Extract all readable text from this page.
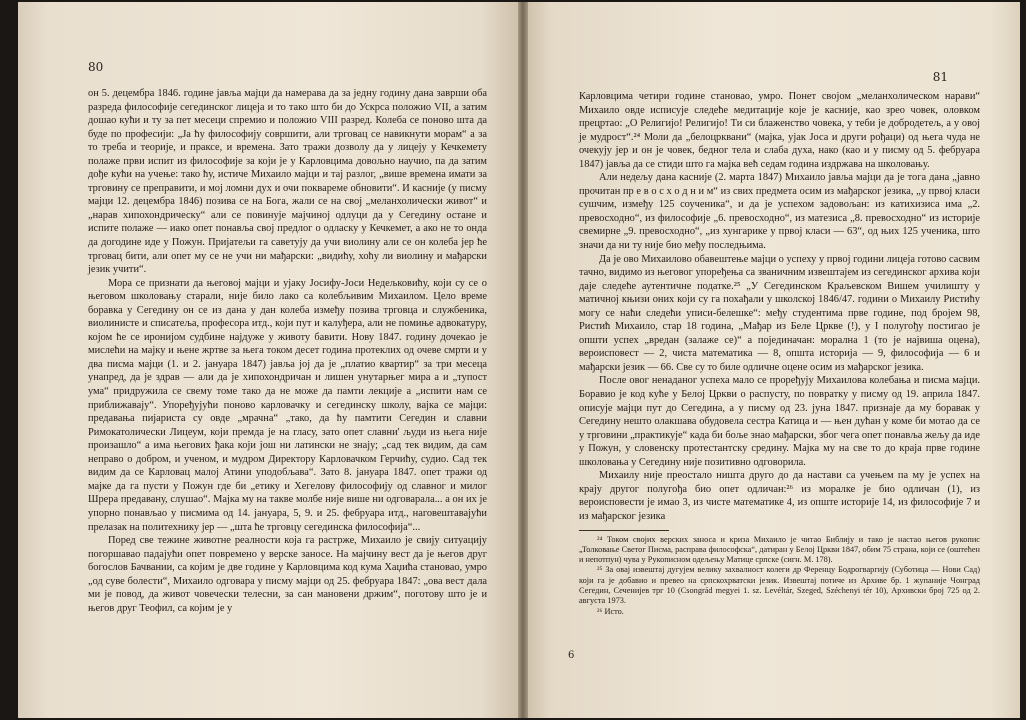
80

он 5. децембра 1846. године јавља мајци да намерава да за једну годину дана заврши оба разреда философије сегединског лицеја и то тако што би до Ускрса положио VII, а затим дошао кући и ту за пет месеци спремио и положио VIII разред. Колеба се поново шта да буде по професији: „Ја ћу философију совршити, али трговац се навикнути морам“ а за то треба и теорије, и праксе, и времена. Зато тражи дозволу да у лицеју у Кечкемету полаже први испит из философије за који је у Карловцима довољно научио, па да затим дође кући на учење: тако ћу, истиче Михаило мајци и тај разлог, „више времена имати за трговину се преправити, и мој ломни дух и очи поквареме обновити“. И касније (у писму мајци 12. децембра 1846) позива се на Бога, жали се на свој „меланхолически живот“ и „нарав хипохондрическу“ али се повинује мајчиној одлуци да у Сегедину остане и испите полаже — иако опет понавља свој предлог о одласку у Кечкемет, а ако не то онда да догодине иде у Пожун. Пријатељи га саветују да учи виолину али се он колеба јер ће трговац бити, али опет му се не учи ни мађарски: „видићу, хоћу ли виолину и мађарски језик учити“.

Мора се признати да његовој мајци и ујаку Јосифу-Јоси Недељковићу, који су се о његовом школовању старали, није било лако са колебљивим Михаилом. Цело време боравка у Сегедину он се из дана у дан колеба између позива трговца и службеника, виолинисте и списатеља, професора итд., који пут и калуђера, али не помиње адвокатуру, којом ће се иронијом судбине најдуже у животу бавити. Нову 1847. годину дочекао је мислећи на мајку и њене жртве за њега током десет година протеклих од очеве смрти и у два писма мајци (1. и 2. јануара 1847) јавља јој да је „платио квартир“ за три месеца унапред, да је здрав — али да је хипохондричан и лишен унутарњег мира а и „тупост ума“ придружила се свему томе тако да не може да памти лекције а „испити нам се приближавају“. Упоређујући поново карловачку и сегединску школу, вајка се мајци: предавања пијариста су овде „мрачна“ „тако, да ћу памтити Сегедин и славни Римокатолически Лицеум, који премда је на гласу, зато опет славни' људи из њега није произашло“ а има његових ђака који још ни латински не знају; „сад тек видим, да сам неправо о добром, и ученом, и мудром Директору Карловачком Герчићу, судио. Сад тек видим да се Карловац малој Атини уподобљава“. Зато 8. јануара 1847. опет тражи од мајке да га пусти у Пожун где би „етику и Хегелову философију од славног и милог Шрера предавану, слушао“. Мајка му на такве молбе није више ни одговарала... а он их је упорно понављао у писмима од 14. јануара, 5, 9. и 25. фебруара итд., наговештавајући прелазак на политехнику јер — „шта ће трговцу сегединска философија“...

Поред све тежине животне реалности која га растрже, Михаило је свију ситуацију погоршавао падајући опет повремено у верске заносе. На мајчину вест да је његов друг богослов Бачвании, са којим је две године у Карловцима код кума Хаџића становао, умро „од суве болести“, Михаило одговара у писму мајци од 25. фебруара 1847: „ова вест дала ми је повод, да живот човечески телесни, за сан мановени држим“, поготову што је и његов друг Теофил, са којим је у

81

Карловцима четири године становао, умро. Понет својом „меланхолическом нарави“ Михаило овде исписује следеће медитације које је касније, као зрео човек, оловком прецртао: „О Религијо! Религијо! Ти си блаженство човека, у теби је добродетељ, а у овој је мудрост“.²⁴ Моли да „белоцрквани“ (мајка, ујак Јоса и други рођаци) од њега чуда не очекују јер и он је човек, бедног тела и слаба духа, нако (као и у писму од 5. фебруара 1847) јавља да се стиди што га мајка већ седам година издржава на школовању.

Али недељу дана касније (2. марта 1847) Михаило јавља мајци да је тога дана „јавно прочитан пр е в о с х о д н и м“ из свих предмета осим из мађарског језика, „у првој класи сушчим, између 125 соученика“, и да је успехом задовољан: из катихизиса има „2. превосходно“, из философије „6. превосходно“, из матезиса „8. превосходно“ из историје свемирне „9. превосходно“, „из хунгарике у првој класи — 63“, од њих 125 ученика, што значи да ни ту није био међу последњима.

Да је ово Михаилово обавештење мајци о успеху у првој години лицеја готово сасвим тачно, видимо из његовог упоређења са званичним извештајем из сегединског архива који даје следеће аутентичне податке.²⁵ „У Сегединском Краљевском Вишем училишту у матичној књизи оних који су га похађали у школској 1846/47. години о Михаилу Ристићу могу се наћи следећи уписи-белешке“: међу студентима прве године, под бројем 98, Ристић Михаило, стар 18 година, „Мађар из Беле Цркве (!), у I полугођу постигао је општи успех „вредан (залаже се)“ а појединачан: морална 1 (то је највиша оцена), вероисповест — 2, чиста математика — 8, општа историја — 9, философија — 6 и мађарски језик — 66. Све су то биле одличне оцене осим из мађарског језика.

После овог ненаданог успеха мало се проређују Михаилова колебања и писма мајци. Боравио је код куће у Белој Цркви о распусту, по повратку у писму од 19. априла 1847. описује мајци пут до Сегедина, а у писму од 23. јуна 1847. признаје да му боравак у Сегедину нешто олакшава обудовела сестра Катица и — њен дућан у коме би мотао да се у трговини „практикује“ када би боље знао мађарски, због чега опет понавља жељу да иде у Пожун, у словенску протестантску средину. Мајка му на све то до краја прве године школовања у Сегедину није позитивно одговорила.

Михаилу није преостало ништа друго до да настави са учењем па му је успех на крају другог полугођа био опет одличан:²⁶ из моралке је био одличан (1), из вероисповести је имао 3, из чисте математике 4, из опште историје 14, из философије 7 и из мађарског језика

²⁴ Током својих верских заноса и криза Михаило је читао Библију и тако је настао његов рукопис „Толковање Светог Писма, расправа философска“, датиран у Белој Цркви 1847, обим 75 страна, који се (оштећен и непотпун) чува у Рукописном одељењу Матице српске (сигн. М. 178).

²⁵ За овај извештај дугујем велику захвалност колеги др Ференцу Бодрогваргију (Суботица — Нови Сад) који га је добавио и превео на српскохрватски језик. Извештај потиче из Архиве бр. 1 жупаније Чонград Сегедин, Сеченијев трг 10 (Csongrád megyei 1. sz. Levéltár, Szeged, Széchenyi tér 10), Архивски број 725 од 2. августа 1973.

²⁶ Исто.

6
